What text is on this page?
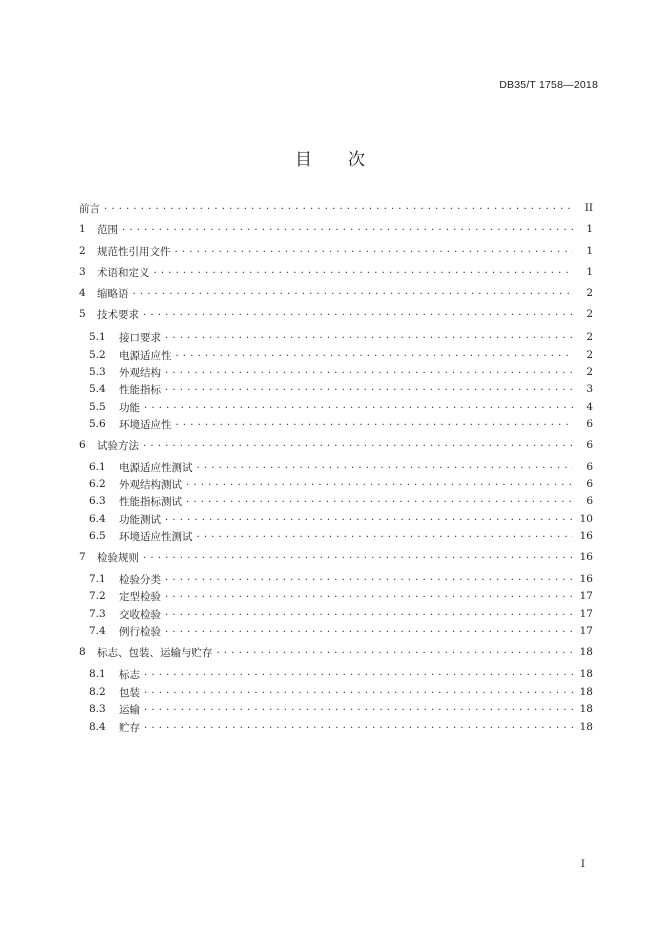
DB35/T 1758—2018
目 次
前言 . . .	II
1	范围 . . .	1
2	规范性引用文件 . . .	1
3	术语和定义 . . .	1
4	缩略语 . . .	2
5	技术要求 . . .	2
5.1	接口要求 . . .	2
5.2	电源适应性 . . .	2
5.3	外观结构 . . .	2
5.4	性能指标 . . .	3
5.5	功能 . . .	4
5.6	环境适应性 . . .	6
6	试验方法 . . .	6
6.1	电源适应性测试 . . .	6
6.2	外观结构测试 . . .	6
6.3	性能指标测试 . . .	6
6.4	功能测试 . . .	10
6.5	环境适应性测试 . . .	16
7	检验规则 . . .	16
7.1	检验分类 . . .	16
7.2	定型检验 . . .	17
7.3	交收检验 . . .	17
7.4	例行检验 . . .	17
8	标志、包装、运输与贮存 . . .	18
8.1	标志 . . .	18
8.2	包装 . . .	18
8.3	运输 . . .	18
8.4	贮存 . . .	18
I
